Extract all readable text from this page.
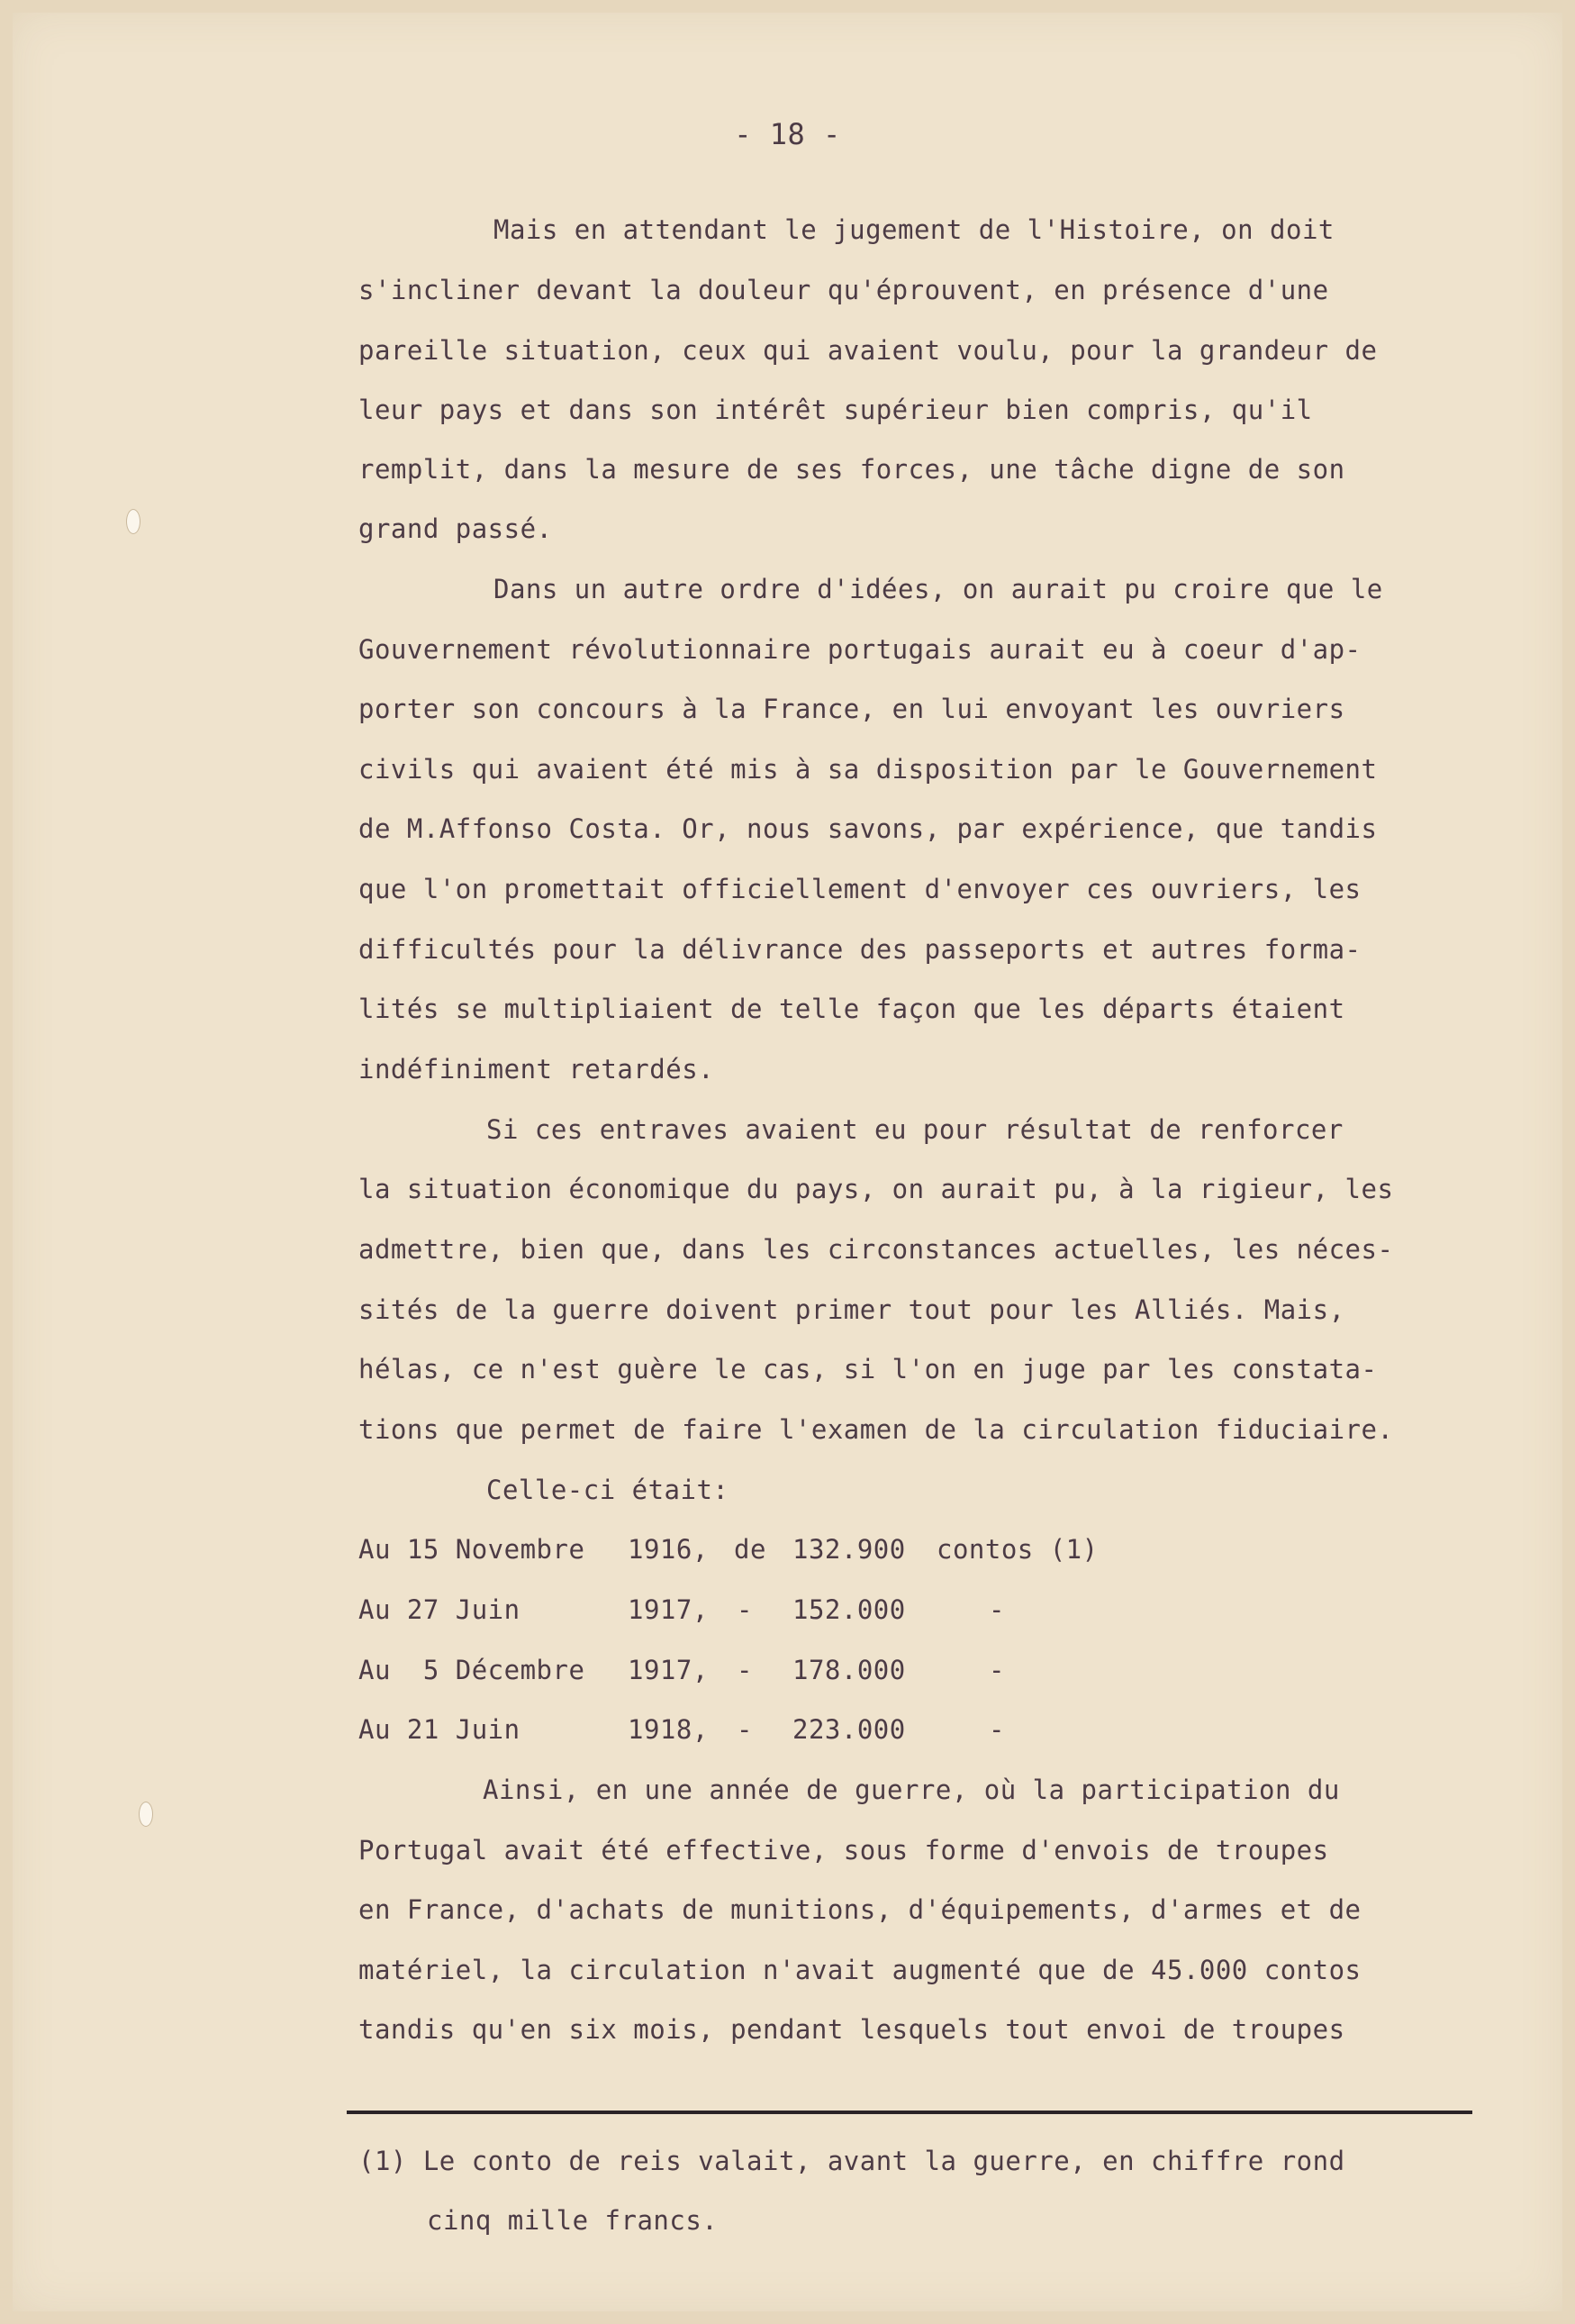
- 18 -
Mais en attendant le jugement de l'Histoire, on doit
s'incliner devant la douleur qu'éprouvent, en présence d'une
pareille situation, ceux qui avaient voulu, pour la grandeur de
leur pays et dans son intérêt supérieur bien compris, qu'il
remplit, dans la mesure de ses forces, une tâche digne de son
grand passé.
Dans un autre ordre d'idées, on aurait pu croire que le
Gouvernement révolutionnaire portugais aurait eu à coeur d'ap-
porter son concours à la France, en lui envoyant les ouvriers
civils qui avaient été mis à sa disposition par le Gouvernement
de M.Affonso Costa. Or, nous savons, par expérience, que tandis
que l'on promettait officiellement d'envoyer ces ouvriers, les
difficultés pour la délivrance des passeports et autres forma-
lités se multipliaient de telle façon que les départs étaient
indéfiniment retardés.
Si ces entraves avaient eu pour résultat de renforcer
la situation économique du pays, on aurait pu, à la rigieur, les
admettre, bien que, dans les circonstances actuelles, les néces-
sités de la guerre doivent primer tout pour les Alliés. Mais,
hélas, ce n'est guère le cas, si l'on en juge par les constata-
tions que permet de faire l'examen de la circulation fiduciaire.
Celle-ci était:
Au 15 Novembre 1916, de 132.900 contos (1)
Au 27 Juin	1917, - 152.000	-
Au  5 Décembre 1917, - 178.000	-
Au 21 Juin	1918, - 223.000	-
Ainsi, en une année de guerre, où la participation du
Portugal avait été effective, sous forme d'envois de troupes
en France, d'achats de munitions, d'équipements, d'armes et de
matériel, la circulation n'avait augmenté que de 45.000 contos
tandis qu'en six mois, pendant lesquels tout envoi de troupes
(1) Le conto de reis valait, avant la guerre, en chiffre rond
cinq mille francs.
